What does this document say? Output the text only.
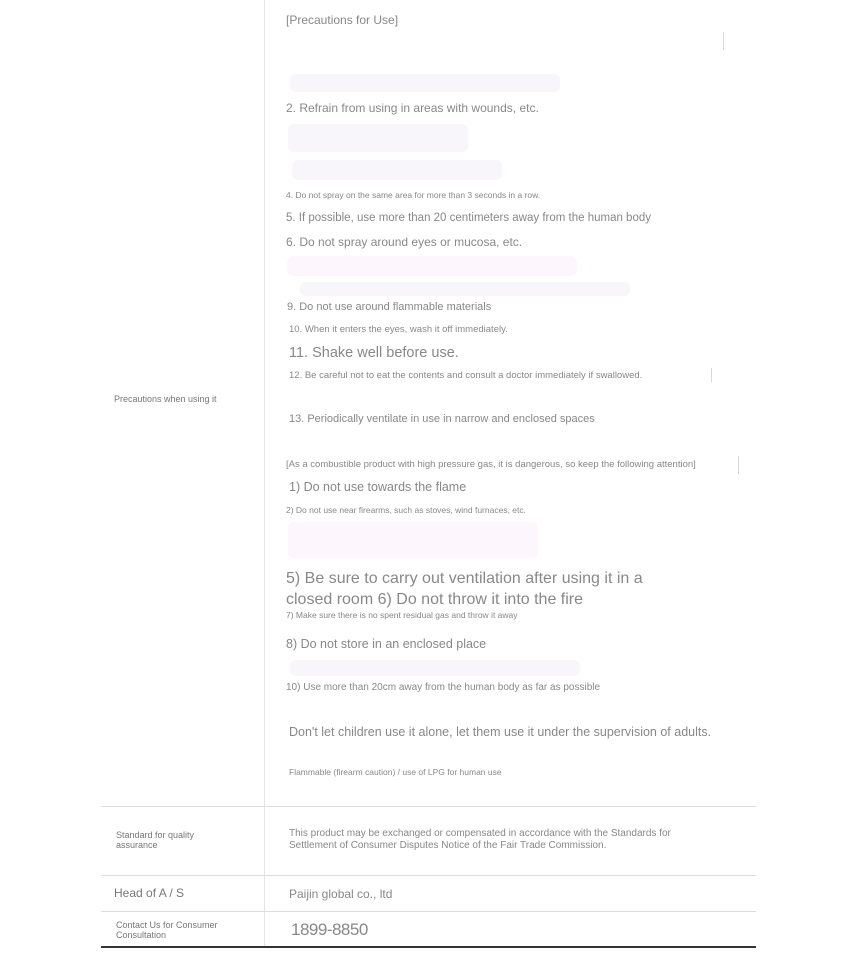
Precautions when using it
Standard for quality assurance
Head of A / S
Contact Us for Consumer Consultation
[Precautions for Use]
2. Refrain from using in areas with wounds, etc.
4. Do not spray on the same area for more than 3 seconds in a row.
5. If possible, use more than 20 centimeters away from the human body
6. Do not spray around eyes or mucosa, etc.
9. Do not use around flammable materials
10. When it enters the eyes, wash it off immediately.
11. Shake well before use.
12. Be careful not to eat the contents and consult a doctor immediately if swallowed.
13. Periodically ventilate in use in narrow and enclosed spaces
[As a combustible product with high pressure gas, it is dangerous, so keep the following attention]
1) Do not use towards the flame
2) Do not use near firearms, such as stoves, wind furnaces, etc.
5) Be sure to carry out ventilation after using it in a closed room 6) Do not throw it into the fire
7) Make sure there is no spent residual gas and throw it away
8) Do not store in an enclosed place
10) Use more than 20cm away from the human body as far as possible
Don't let children use it alone, let them use it under the supervision of adults.
Flammable (firearm caution) / use of LPG for human use
This product may be exchanged or compensated in accordance with the Standards for Settlement of Consumer Disputes Notice of the Fair Trade Commission.
Paijin global co., ltd
1899-8850
